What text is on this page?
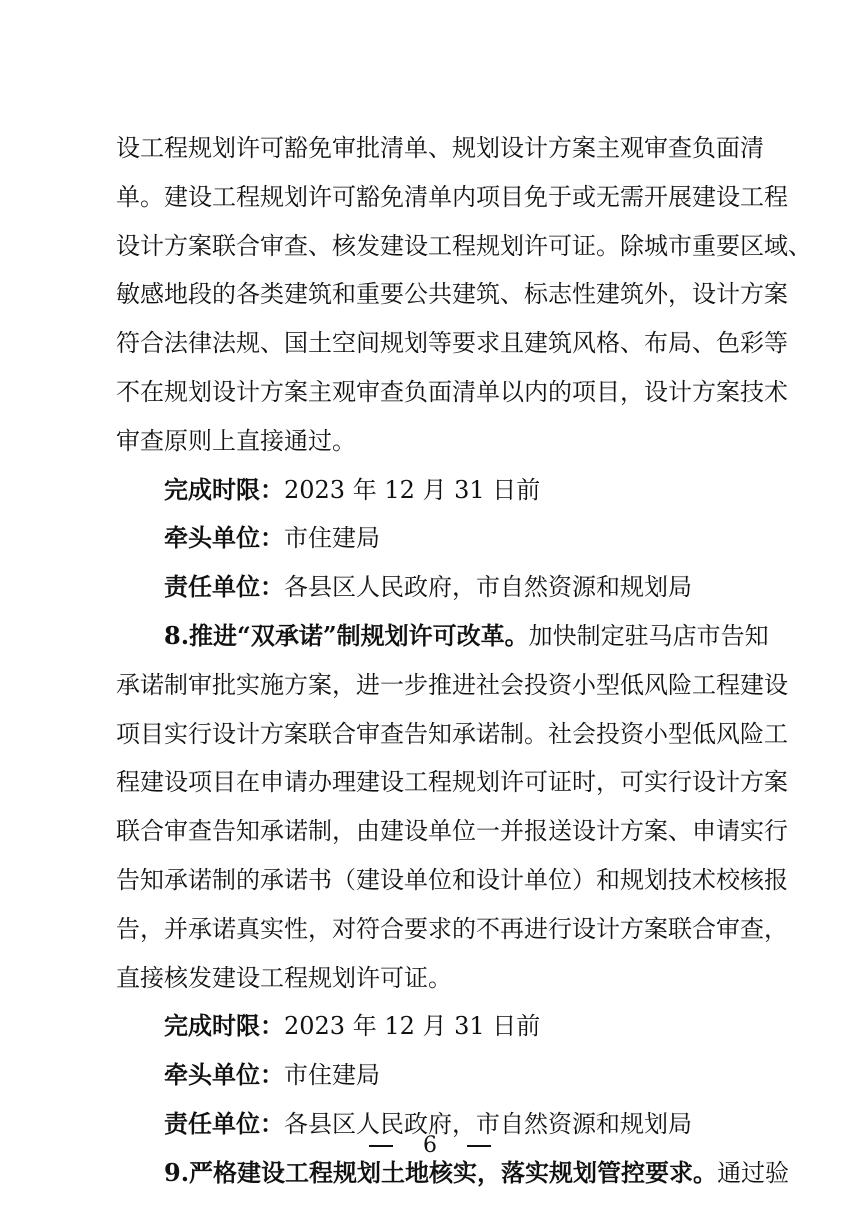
设工程规划许可豁免审批清单、规划设计方案主观审查负面清
单。建设工程规划许可豁免清单内项目免于或无需开展建设工程
设计方案联合审查、核发建设工程规划许可证。除城市重要区域、
敏感地段的各类建筑和重要公共建筑、标志性建筑外，设计方案
符合法律法规、国土空间规划等要求且建筑风格、布局、色彩等
不在规划设计方案主观审查负面清单以内的项目，设计方案技术
审查原则上直接通过。
完成时限：2023 年 12 月 31 日前
牵头单位：市住建局
责任单位：各县区人民政府，市自然资源和规划局
8.推进“双承诺”制规划许可改革。加快制定驻马店市告知
承诺制审批实施方案，进一步推进社会投资小型低风险工程建设
项目实行设计方案联合审查告知承诺制。社会投资小型低风险工
程建设项目在申请办理建设工程规划许可证时，可实行设计方案
联合审查告知承诺制，由建设单位一并报送设计方案、申请实行
告知承诺制的承诺书（建设单位和设计单位）和规划技术校核报
告，并承诺真实性，对符合要求的不再进行设计方案联合审查，
直接核发建设工程规划许可证。
完成时限：2023 年 12 月 31 日前
牵头单位：市住建局
责任单位：各县区人民政府，市自然资源和规划局
9.严格建设工程规划土地核实，落实规划管控要求。通过验
6
